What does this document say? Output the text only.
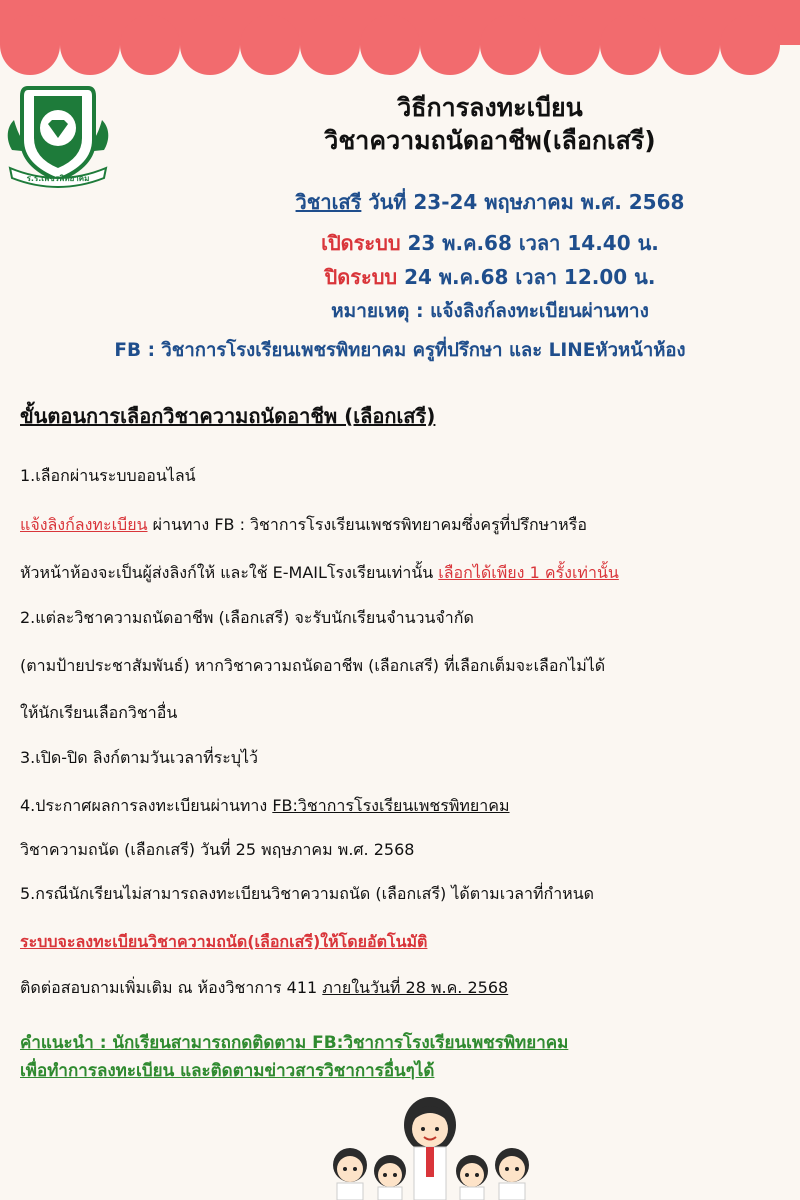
ร.ร.เพชรพิทยาคม
วิธีการลงทะเบียน
วิชาความถนัดอาชีพ(เลือกเสรี)
วิชาเสรี วันที่ 23-24 พฤษภาคม พ.ศ. 2568
เปิดระบบ 23 พ.ค.68 เวลา 14.40 น.
ปิดระบบ 24 พ.ค.68 เวลา 12.00 น.
หมายเหตุ : แจ้งลิงก์ลงทะเบียนผ่านทาง
FB : วิชาการโรงเรียนเพชรพิทยาคม ครูที่ปรึกษา และ LINEหัวหน้าห้อง
ขั้นตอนการเลือกวิชาความถนัดอาชีพ (เลือกเสรี)
1.เลือกผ่านระบบออนไลน์
แจ้งลิงก์ลงทะเบียน ผ่านทาง FB : วิชาการโรงเรียนเพชรพิทยาคมซึ่งครูที่ปรึกษาหรือ
หัวหน้าห้องจะเป็นผู้ส่งลิงก์ให้ และใช้ E-MAILโรงเรียนเท่านั้น เลือกได้เพียง 1 ครั้งเท่านั้น
2.แต่ละวิชาความถนัดอาชีพ (เลือกเสรี) จะรับนักเรียนจำนวนจำกัด
(ตามป้ายประชาสัมพันธ์) หากวิชาความถนัดอาชีพ (เลือกเสรี) ที่เลือกเต็มจะเลือกไม่ได้
ให้นักเรียนเลือกวิชาอื่น
3.เปิด-ปิด ลิงก์ตามวันเวลาที่ระบุไว้
4.ประกาศผลการลงทะเบียนผ่านทาง FB:วิชาการโรงเรียนเพชรพิทยาคม
วิชาความถนัด (เลือกเสรี) วันที่ 25 พฤษภาคม พ.ศ. 2568
5.กรณีนักเรียนไม่สามารถลงทะเบียนวิชาความถนัด (เลือกเสรี) ได้ตามเวลาที่กำหนด
ระบบจะลงทะเบียนวิชาความถนัด(เลือกเสรี)ให้โดยอัตโนมัติ
ติดต่อสอบถามเพิ่มเติม ณ ห้องวิชาการ 411 ภายในวันที่ 28 พ.ค. 2568
คำแนะนำ : นักเรียนสามารถกดติดตาม FB:วิชาการโรงเรียนเพชรพิทยาคม
เพื่อทำการลงทะเบียน และติดตามข่าวสารวิชาการอื่นๆได้
